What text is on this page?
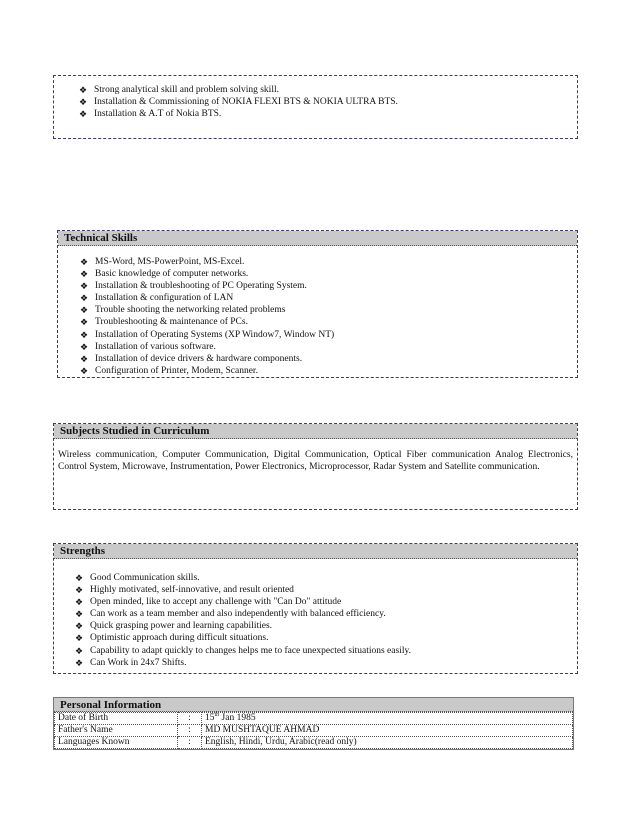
❖ Strong analytical skill and problem solving skill.
❖ Installation & Commissioning of NOKIA FLEXI BTS & NOKIA ULTRA BTS.
❖ Installation & A.T of Nokia BTS.
Technical Skills
❖ MS-Word, MS-PowerPoint, MS-Excel.
❖ Basic knowledge of computer networks.
❖ Installation & troubleshooting of PC Operating System.
❖ Installation & configuration of LAN
❖ Trouble shooting the networking related problems
❖ Troubleshooting & maintenance of PCs.
❖ Installation of Operating Systems (XP Window7, Window NT)
❖ Installation of various software.
❖ Installation of device drivers & hardware components.
❖ Configuration of Printer, Modem, Scanner.
Subjects Studied in Curriculum
Wireless communication, Computer Communication, Digital Communication, Optical Fiber communication Analog Electronics, Control System, Microwave, Instrumentation, Power Electronics, Microprocessor, Radar System and Satellite communication.
Strengths
❖ Good Communication skills.
❖ Highly motivated, self-innovative, and result oriented
❖ Open minded, like to accept any challenge with "Can Do" attitude
❖ Can work as a team member and also independently with balanced efficiency.
❖ Quick grasping power and learning capabilities.
❖ Optimistic approach during difficult situations.
❖ Capability to adapt quickly to changes helps me to face unexpected situations easily.
❖ Can Work in 24x7 Shifts.
Personal Information
Date of Birth	:	15th Jan 1985
Father's Name	:	MD MUSHTAQUE AHMAD
Languages Known	:	English, Hindi, Urdu, Arabic(read only)
